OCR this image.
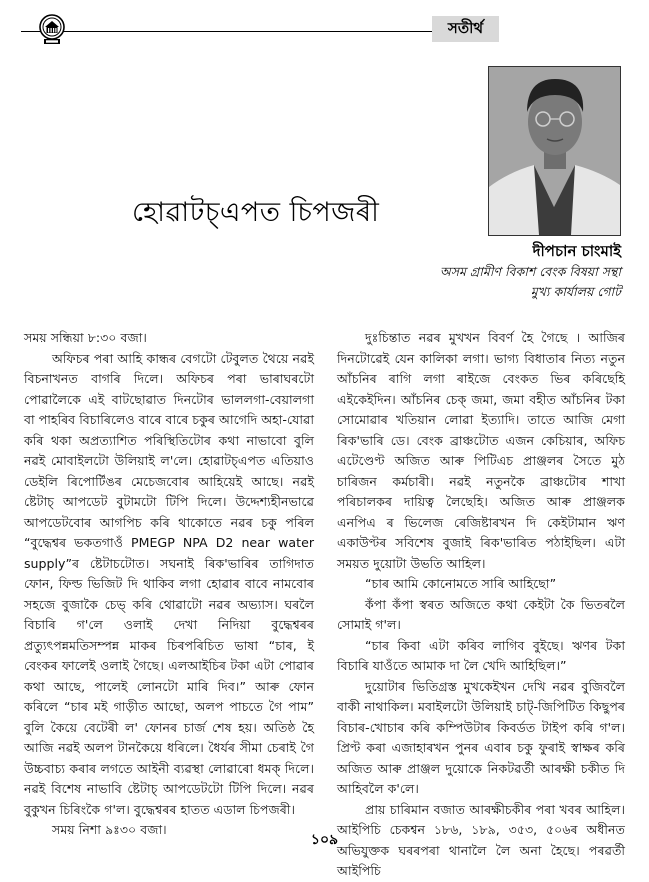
সতীৰ্থ
হোৱাটচ্এপত চিপজৰী
দীপচান চাংমাই
অসম গ্ৰামীণ বিকাশ বেংক বিষয়া সন্থা
মুখ্য কাৰ্যালয় গোট

সময় সন্ধিয়া ৮:৩০ বজা।

অফিচৰ পৰা আহি কান্ধৰ বেগটো টেবুলত থৈয়ে নৱই বিচনাখনত বাগৰি দিলে। অফিচৰ পৰা ভাৰাঘৰটো পোৱালৈকে এই বাটছোৱাত দিনটোৰ ভাললগা-বেয়ালগা বা পাহৰিব বিচাৰিলেও বাৰে বাৰে চকুৰ আগেদি অহা-যোৱা কৰি থকা অপ্ৰত্যাশিত পৰিস্থিতিটোৰ কথা নাভাবো বুলি নৱই মোবাইলটো উলিয়াই ল'লে। হোৱাটচ্এপত এতিয়াও ডেইলি ৰিপোৰ্টিঙৰ মেচেজবোৰ আহিয়েই আছে। নৱই ষ্টেটাচ্ আপডেট বুটামটো টিপি দিলে। উদ্দেশ্যহীনভাৱে আপডেটবোৰ আগপিচ কৰি থাকোতে নৱৰ চকু পৰিল “বুদ্ধেশ্বৰ ভকতগাওঁ PMEGP NPA D2 near water supply”ৰ ষ্টেটাচটোত। সঘনাই ৰিক'ভাৰিৰ তাগিদাত ফোন, ফিল্ড ভিজিট দি থাকিব লগা হোৱাৰ বাবে নামবোৰ সহজে বুজাকৈ চেভ্ কৰি থোৱাটো নৱৰ অভ্যাস। ঘৰলৈ বিচাৰি গ'লে ওলাই দেখা নিদিয়া বুদ্ধেশ্বৰৰ প্ৰত্যুৎপন্নমতিসম্পন্ন মাকৰ চিৰপৰিচিত ভাষা “চাৰ, ই বেংকৰ ফালেই ওলাই গৈছে। এলআইচিৰ টকা এটা পোৱাৰ কথা আছে, পালেই লোনটো মাৰি দিব।” আৰু ফোন কৰিলে “চাৰ মই গাড়ীত আছো, অলপ পাচতে গৈ পাম” বুলি কৈয়ে বেটেৰী ল' ফোনৰ চাৰ্জ শেষ হয়। অতিষ্ঠ হৈ আজি নৱই অলপ টানকৈয়ে ধৰিলে। ধৈৰ্যৰ সীমা চেৰাই গৈ উচ্চবাচ্য কৰাৰ লগতে আইনী ব্যৱস্থা লোৱাৰো ধমক্ দিলে। নৱই বিশেষ নাভাবি ষ্টেটাচ্ আপডেটটো টিপি দিলে। নৱৰ বুকুখন চিৰিংকৈ গ'ল। বুদ্ধেশ্বৰৰ হাতত এডাল চিপজৰী।

সময় নিশা ৯ঃ৩০ বজা।

দুঃচিন্তাত নৱৰ মুখখন বিবৰ্ণ হৈ গৈছে । আজিৰ দিনটোৱেই যেন কালিকা লগা। ভাগ্য বিধাতাৰ নিত্য নতুন আঁচনিৰ ৰাগি লগা ৰাইজে বেংকত ভিৰ কৰিছেহি এইকেইদিন। আঁচনিৰ চেক্ জমা, জমা বহীত আঁচনিৰ টকা সোমোৱাৰ খতিয়ান লোৱা ইত্যাদি। তাতে আজি মেগা ৰিক'ভাৰি ডে। বেংক ব্ৰাঞ্চটোত এজন কেচিয়াৰ, অফিচ এটেণ্ডেণ্ট অজিত আৰু পিটিএচ প্ৰাঞ্জলৰ সৈতে মুঠ চাৰিজন কৰ্মচাৰী। নৱই নতুনকৈ ব্ৰাঞ্চটোৰ শাখা পৰিচালকৰ দায়িত্ব লৈছেহি। অজিত আৰু প্ৰাঞ্জলক এনপিএ ৰ ভিলেজ ৰেজিষ্টাৰখন দি কেইটামান ঋণ একাউণ্টৰ সবিশেষ বুজাই ৰিক'ভাৰিত পঠাইছিল। এটা সময়ত দুয়োটা উভতি আহিল।

“চাৰ আমি কোনোমতে সাৰি আহিছো”

কঁপা কঁপা স্বৰত অজিতে কথা কেইটা কৈ ভিতৰলৈ সোমাই গ'ল।

“চাৰ কিবা এটা কৰিব লাগিব বুইছে। ঋণৰ টকা বিচাৰি যাওঁতে আমাক দা লৈ খেদি আহিছিল।”

দুয়োটাৰ ভিতিগ্ৰস্ত মুখকেইখন দেখি নৱৰ বুজিবলৈ বাকী নাথাকিল। মবাইলটো উলিয়াই চাট্-জিপিটিত কিছুপৰ বিচাৰ-খোচাৰ কৰি কম্পিউটাৰ কিবৰ্ডত টাইপ কৰি গ'ল। প্ৰিণ্ট কৰা এজাহাৰখন পুনৰ এবাৰ চকু ফুৰাই স্বাক্ষৰ কৰি অজিত আৰু প্ৰাঞ্জল দুয়োকে নিকটৱৰ্তী আৰক্ষী চকীত দি আহিবলৈ ক'লে।

প্ৰায় চাৰিমান বজাত আৰক্ষীচকীৰ পৰা খবৰ আহিল। আইপিচি চেকশ্বন ১৮৬, ১৮৯, ৩৫৩, ৫০৬ৰ অধীনত অভিযুক্তক ঘৰৰপৰা থানালৈ লৈ অনা হৈছে। পৰৱৰ্তী আইপিচি

১০৯
